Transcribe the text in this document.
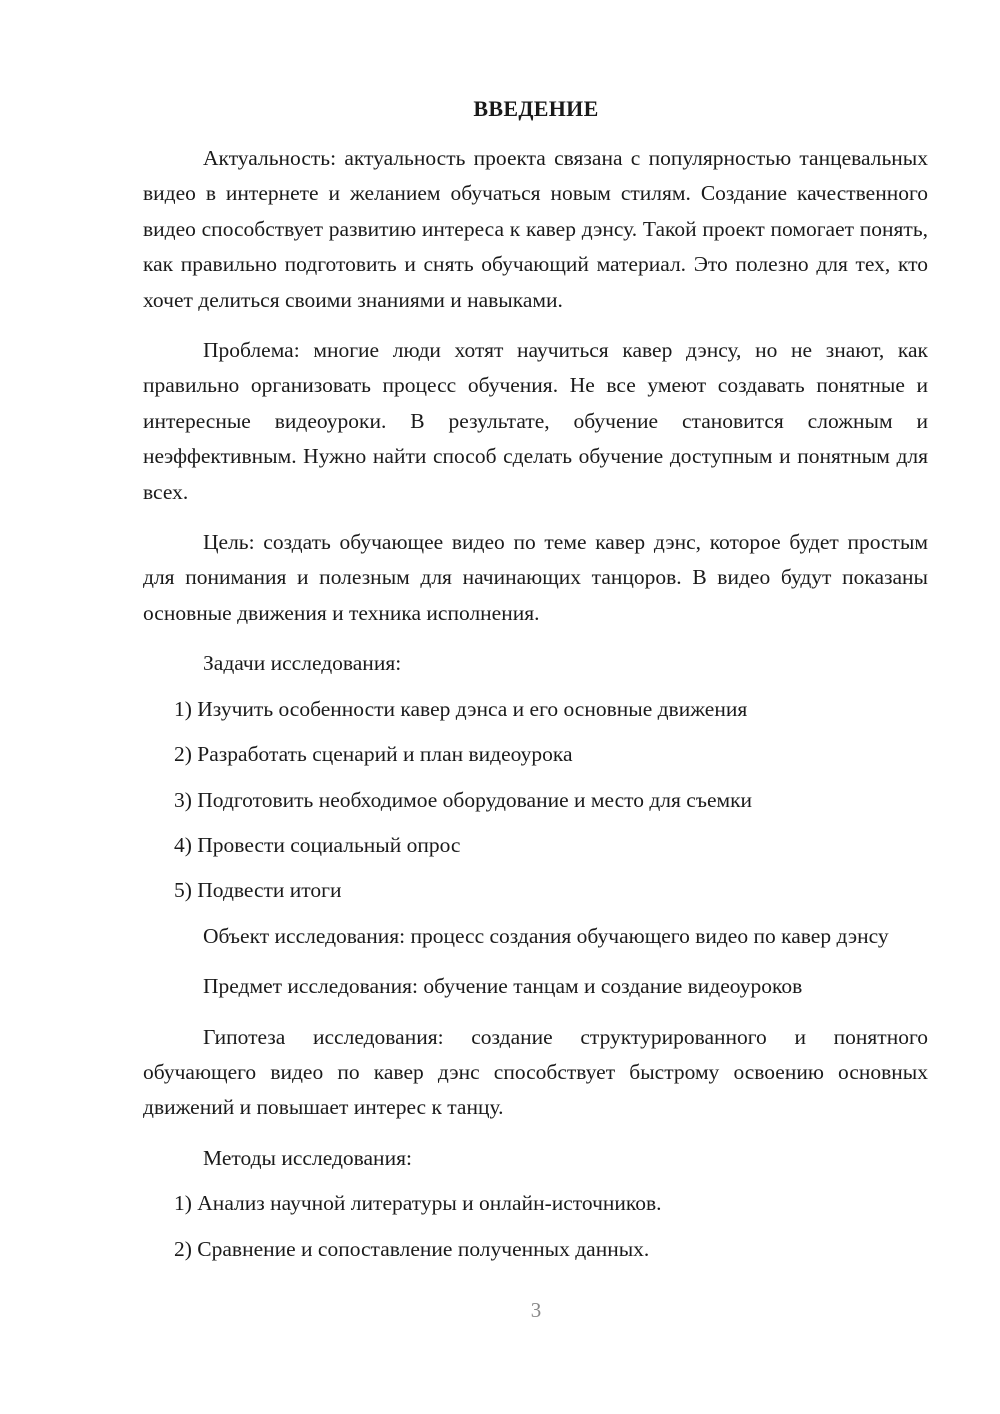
ВВЕДЕНИЕ

Актуальность: актуальность проекта связана с популярностью танцевальных видео в интернете и желанием обучаться новым стилям. Создание качественного видео способствует развитию интереса к кавер дэнсу. Такой проект помогает понять, как правильно подготовить и снять обучающий материал. Это полезно для тех, кто хочет делиться своими знаниями и навыками.

Проблема: многие люди хотят научиться кавер дэнсу, но не знают, как правильно организовать процесс обучения. Не все умеют создавать понятные и интересные видеоуроки. В результате, обучение становится сложным и неэффективным. Нужно найти способ сделать обучение доступным и понятным для всех.

Цель: создать обучающее видео по теме кавер дэнс, которое будет простым для понимания и полезным для начинающих танцоров. В видео будут показаны основные движения и техника исполнения.

Задачи исследования:

1) Изучить особенности кавер дэнса и его основные движения
2) Разработать сценарий и план видеоурока
3) Подготовить необходимое оборудование и место для съемки
4) Провести социальный опрос
5) Подвести итоги

Объект исследования: процесс создания обучающего видео по кавер дэнсу

Предмет исследования: обучение танцам и создание видеоуроков

Гипотеза исследования: создание структурированного и понятного обучающего видео по кавер дэнс способствует быстрому освоению основных движений и повышает интерес к танцу.

Методы исследования:

1) Анализ научной литературы и онлайн-источников.
2) Сравнение и сопоставление полученных данных.
3
